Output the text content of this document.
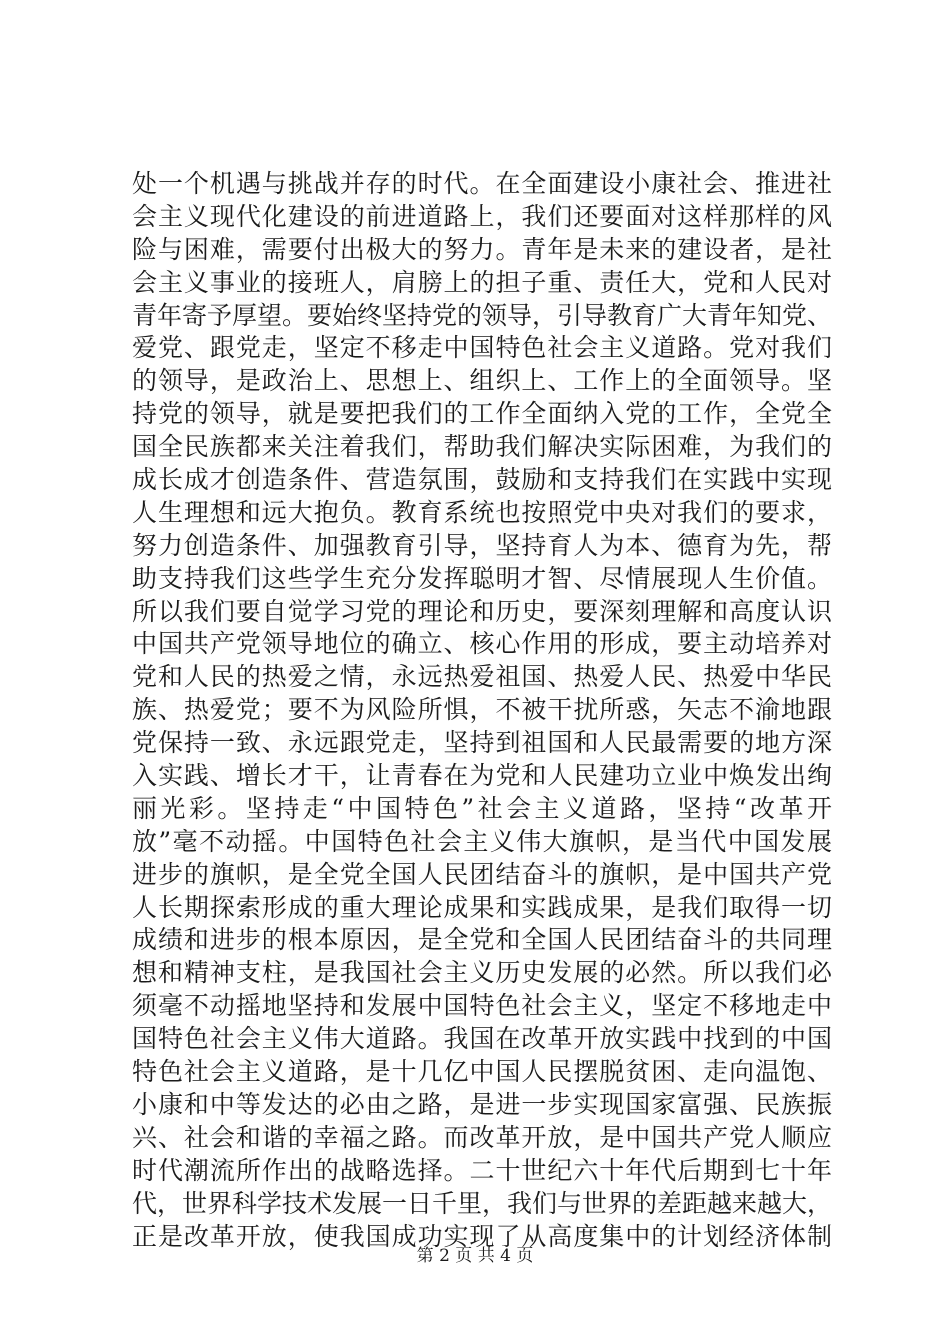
处一个机遇与挑战并存的时代。在全面建设小康社会、推进社
会主义现代化建设的前进道路上，我们还要面对这样那样的风
险与困难，需要付出极大的努力。青年是未来的建设者，是社
会主义事业的接班人，肩膀上的担子重、责任大，党和人民对
青年寄予厚望。要始终坚持党的领导，引导教育广大青年知党、
爱党、跟党走，坚定不移走中国特色社会主义道路。党对我们
的领导，是政治上、思想上、组织上、工作上的全面领导。坚
持党的领导，就是要把我们的工作全面纳入党的工作，全党全
国全民族都来关注着我们，帮助我们解决实际困难，为我们的
成长成才创造条件、营造氛围，鼓励和支持我们在实践中实现
人生理想和远大抱负。教育系统也按照党中央对我们的要求，
努力创造条件、加强教育引导，坚持育人为本、德育为先，帮
助支持我们这些学生充分发挥聪明才智、尽情展现人生价值。
所以我们要自觉学习党的理论和历史，要深刻理解和高度认识
中国共产党领导地位的确立、核心作用的形成，要主动培养对
党和人民的热爱之情，永远热爱祖国、热爱人民、热爱中华民
族、热爱党；要不为风险所惧，不被干扰所惑，矢志不渝地跟
党保持一致、永远跟党走，坚持到祖国和人民最需要的地方深
入实践、增长才干，让青春在为党和人民建功立业中焕发出绚
丽光彩。坚持走“中国特色”社会主义道路，坚持“改革开
放”毫不动摇。中国特色社会主义伟大旗帜，是当代中国发展
进步的旗帜，是全党全国人民团结奋斗的旗帜，是中国共产党
人长期探索形成的重大理论成果和实践成果，是我们取得一切
成绩和进步的根本原因，是全党和全国人民团结奋斗的共同理
想和精神支柱，是我国社会主义历史发展的必然。所以我们必
须毫不动摇地坚持和发展中国特色社会主义，坚定不移地走中
国特色社会主义伟大道路。我国在改革开放实践中找到的中国
特色社会主义道路，是十几亿中国人民摆脱贫困、走向温饱、
小康和中等发达的必由之路，是进一步实现国家富强、民族振
兴、社会和谐的幸福之路。而改革开放，是中国共产党人顺应
时代潮流所作出的战略选择。二十世纪六十年代后期到七十年
代，世界科学技术发展一日千里，我们与世界的差距越来越大，
正是改革开放，使我国成功实现了从高度集中的计划经济体制
第 2 页 共 4 页
